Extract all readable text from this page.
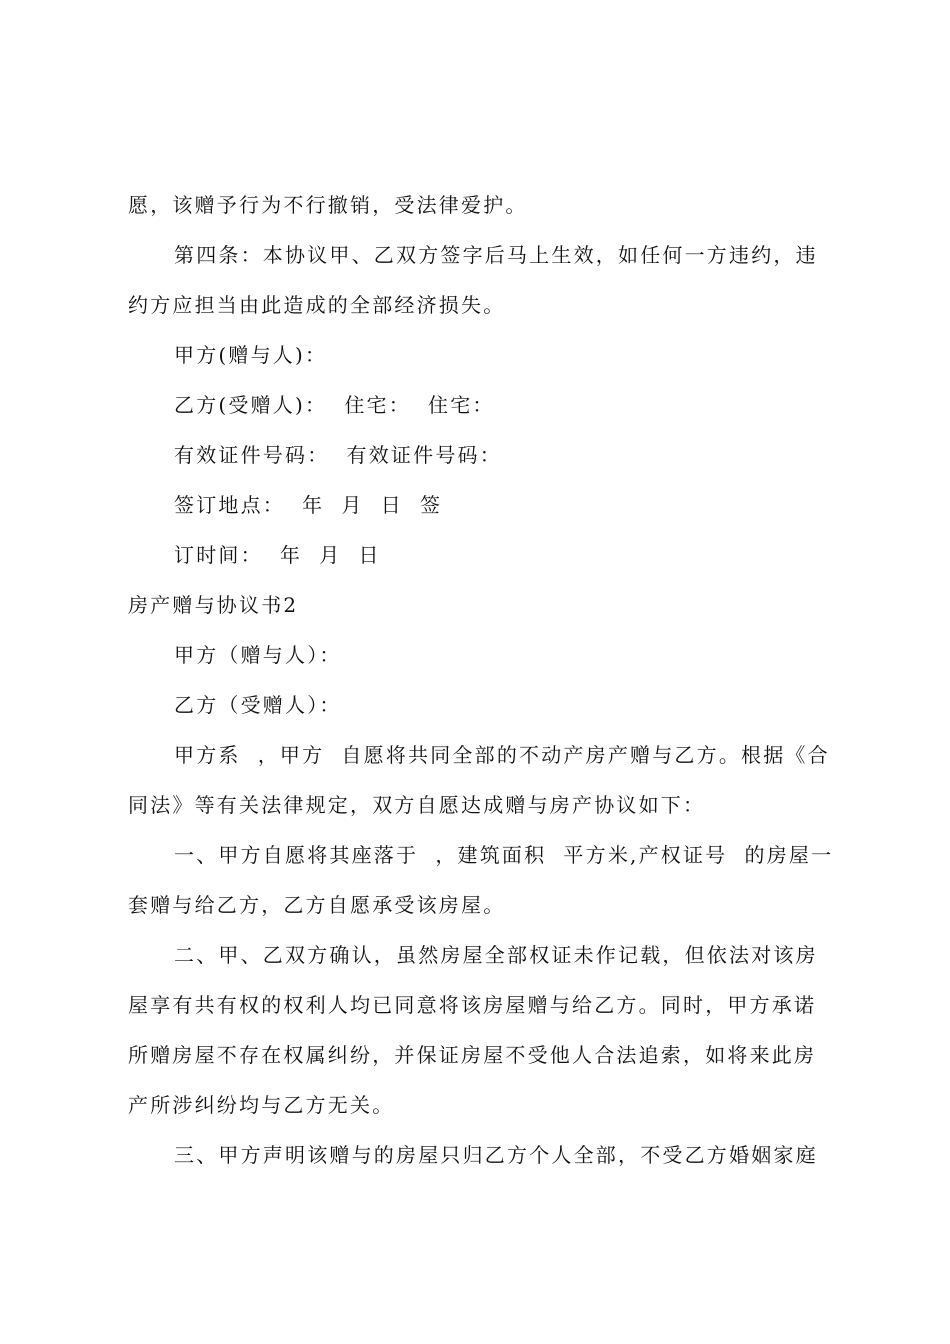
愿，该赠予行为不行撤销，受法律爱护。
第四条：本协议甲、乙双方签字后马上生效，如任何一方违约，违
约方应担当由此造成的全部经济损失。
甲方(赠与人)：
乙方(受赠人)：  住宅：  住宅：
有效证件号码：  有效证件号码：
签订地点：  年  月  日  签
订时间：  年  月  日
房产赠与协议书2
甲方（赠与人）：
乙方（受赠人）：
甲方系  ，甲方  自愿将共同全部的不动产房产赠与乙方。根据《合
同法》等有关法律规定，双方自愿达成赠与房产协议如下：
一、甲方自愿将其座落于  ，建筑面积  平方米,产权证号  的房屋一
套赠与给乙方，乙方自愿承受该房屋。
二、甲、乙双方确认，虽然房屋全部权证未作记载，但依法对该房
屋享有共有权的权利人均已同意将该房屋赠与给乙方。同时，甲方承诺
所赠房屋不存在权属纠纷，并保证房屋不受他人合法追索，如将来此房
产所涉纠纷均与乙方无关。
三、甲方声明该赠与的房屋只归乙方个人全部，不受乙方婚姻家庭
